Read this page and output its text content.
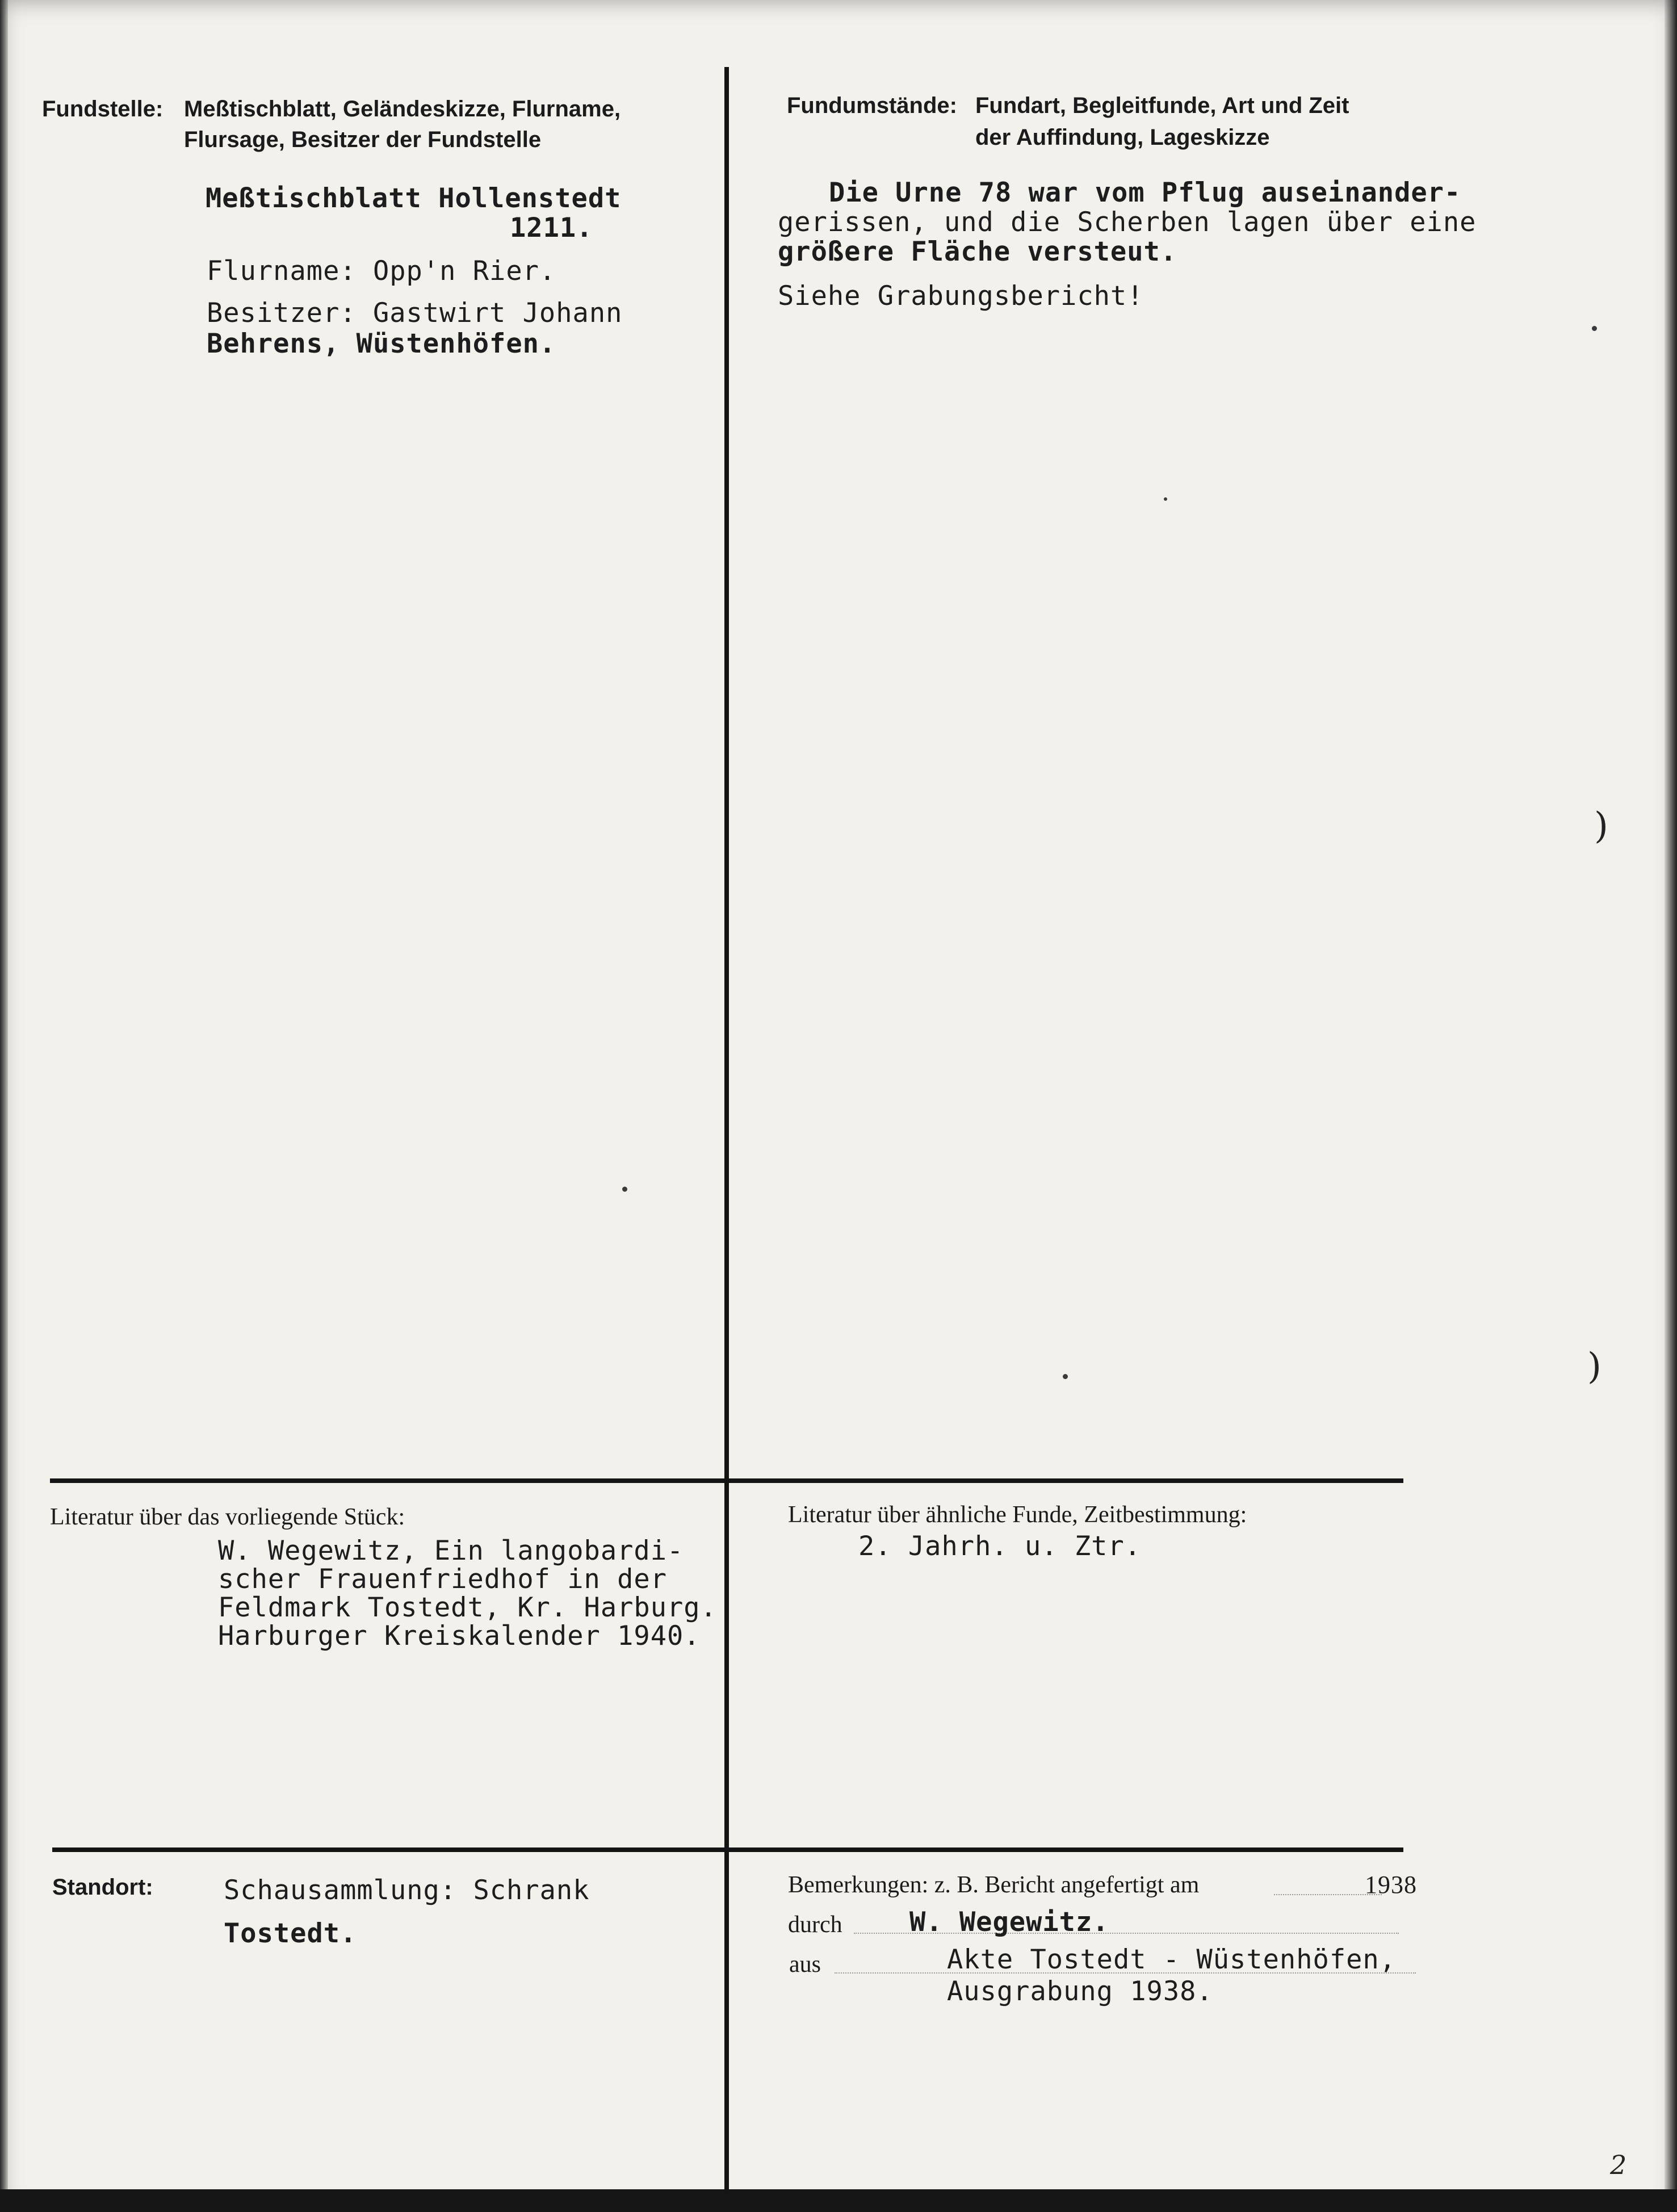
Fundstelle: Meßtischblatt, Geländeskizze, Flurname,
Flursage, Besitzer der Fundstelle
Fundumstände: Fundart, Begleitfunde, Art und Zeit
der Auffindung, Lageskizze
Meßtischblatt Hollenstedt
1211.
Flurname: Opp'n Rier.
Besitzer: Gastwirt Johann
Behrens, Wüstenhöfen.
Die Urne 78 war vom Pflug auseinander-
gerissen, und die Scherben lagen über eine
größere Fläche versteut.
Siehe Grabungsbericht!
Literatur über das vorliegende Stück:
W. Wegewitz, Ein langobardi-
scher Frauenfriedhof in der
Feldmark Tostedt, Kr. Harburg.
Harburger Kreiskalender 1940.
Literatur über ähnliche Funde, Zeitbestimmung:
2. Jahrh. u. Ztr.
Standort:	Schausammlung: Schrank
Tostedt.
Bemerkungen: z. B. Bericht angefertigt am	1938
durch	W. Wegewitz.
aus	Akte Tostedt - Wüstenhöfen,
Ausgrabung 1938.
)
)
2
